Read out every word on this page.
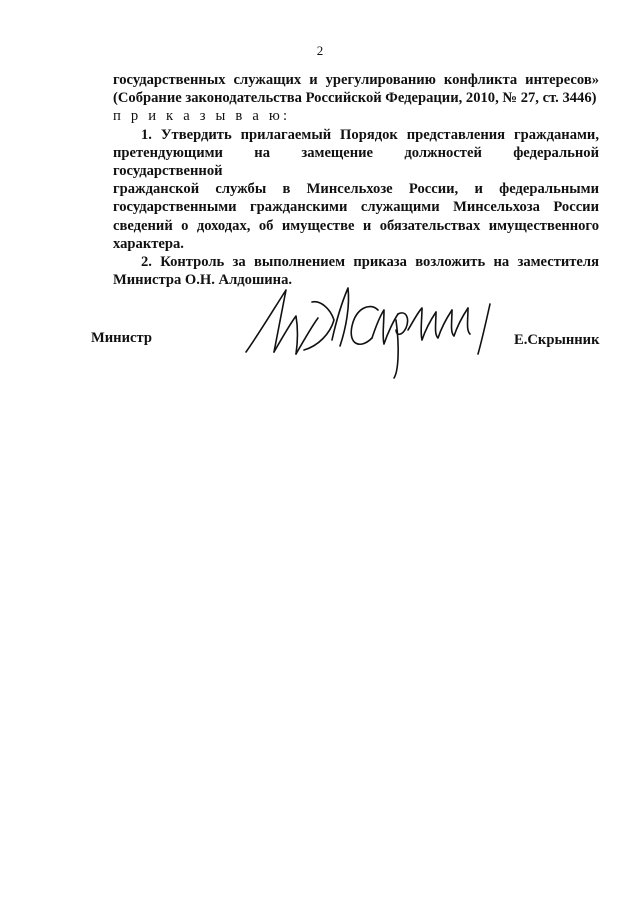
2
государственных служащих и урегулированию конфликта интересов»
(Собрание законодательства Российской Федерации, 2010, № 27, ст. 3446)
п р и к а з ы в а ю:
1. Утвердить прилагаемый Порядок представления гражданами,
претендующими на замещение должностей федеральной государственной
гражданской службы в Минсельхозе России, и федеральными
государственными гражданскими служащими Минсельхоза России
сведений о доходах, об имуществе и обязательствах имущественного
характера.
2. Контроль за выполнением приказа возложить на заместителя
Министра О.Н. Алдошина.
Министр	Е.Скрынник
